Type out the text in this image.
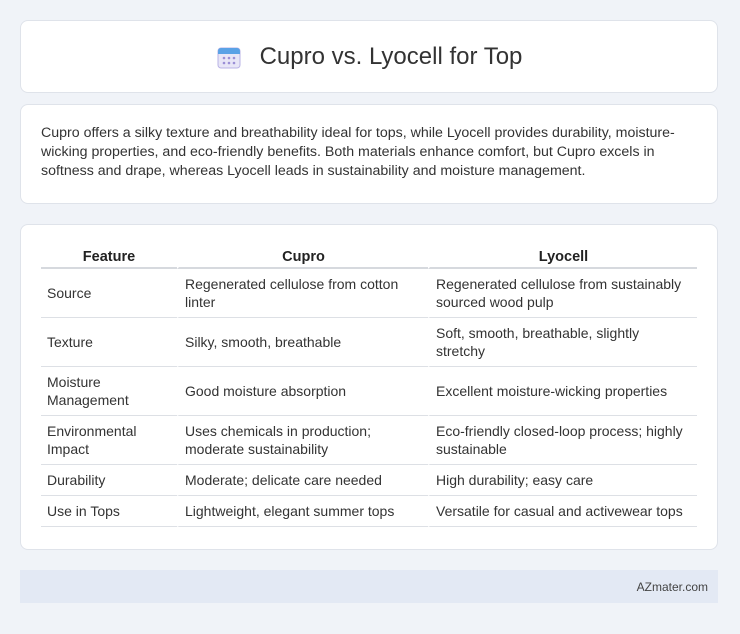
Cupro vs. Lyocell for Top

Cupro offers a silky texture and breathability ideal for tops, while Lyocell provides durability, moisture-wicking properties, and eco-friendly benefits. Both materials enhance comfort, but Cupro excels in softness and drape, whereas Lyocell leads in sustainability and moisture management.

Feature	Cupro	Lyocell
Source	Regenerated cellulose from cotton linter	Regenerated cellulose from sustainably sourced wood pulp
Texture	Silky, smooth, breathable	Soft, smooth, breathable, slightly stretchy
Moisture Management	Good moisture absorption	Excellent moisture-wicking properties
Environmental Impact	Uses chemicals in production; moderate sustainability	Eco-friendly closed-loop process; highly sustainable
Durability	Moderate; delicate care needed	High durability; easy care
Use in Tops	Lightweight, elegant summer tops	Versatile for casual and activewear tops
AZmater.com
